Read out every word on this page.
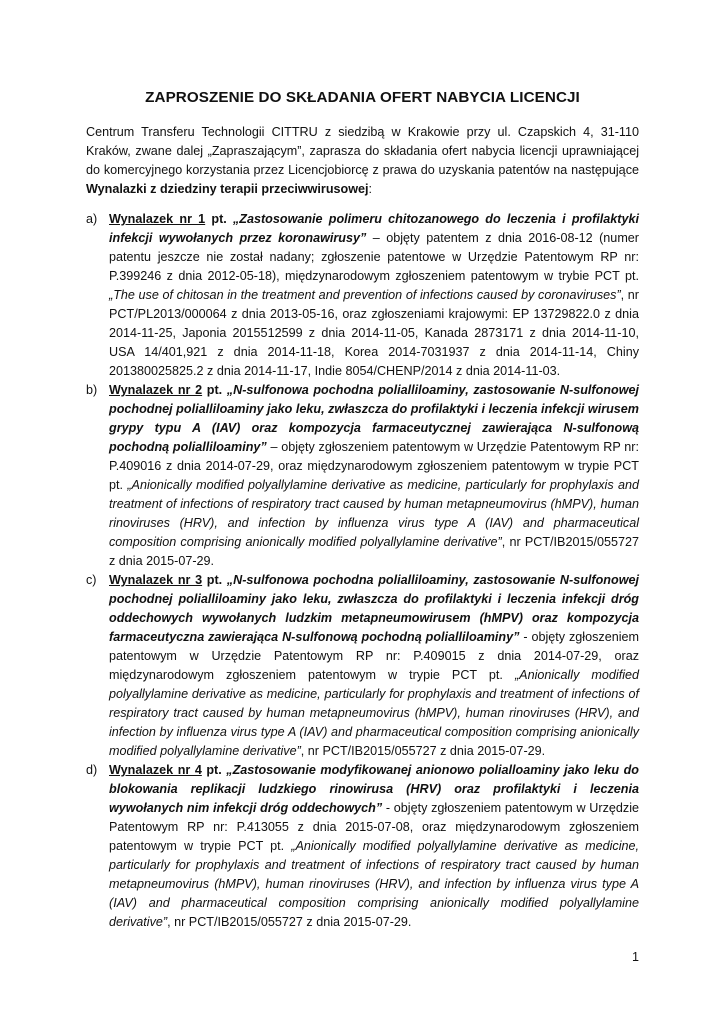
ZAPROSZENIE DO SKŁADANIA OFERT NABYCIA LICENCJI
Centrum Transferu Technologii CITTRU z siedzibą w Krakowie przy ul. Czapskich 4, 31-110 Kraków, zwane dalej „Zapraszającym”, zaprasza do składania ofert nabycia licencji uprawniającej do komercyjnego korzystania przez Licencjobiorcę z prawa do uzyskania patentów na następujące Wynalazki z dziedziny terapii przeciwwirusowej:
a) Wynalazek nr 1 pt. „Zastosowanie polimeru chitozanowego do leczenia i profilaktyki infekcji wywołanych przez koronawirusy” – objęty patentem z dnia 2016-08-12 (numer patentu jeszcze nie został nadany; zgłoszenie patentowe w Urzędzie Patentowym RP nr: P.399246 z dnia 2012-05-18), międzynarodowym zgłoszeniem patentowym w trybie PCT pt. „The use of chitosan in the treatment and prevention of infections caused by coronaviruses”, nr PCT/PL2013/000064 z dnia 2013-05-16, oraz zgłoszeniami krajowymi: EP 13729822.0 z dnia 2014-11-25, Japonia 2015512599 z dnia 2014-11-05, Kanada 2873171 z dnia 2014-11-10, USA 14/401,921 z dnia 2014-11-18, Korea 2014-7031937 z dnia 2014-11-14, Chiny 201380025825.2 z dnia 2014-11-17, Indie 8054/CHENP/2014 z dnia 2014-11-03.
b) Wynalazek nr 2 pt. „N-sulfonowa pochodna polialliloaminy, zastosowanie N-sulfonowej pochodnej polialliloaminy jako leku, zwłaszcza do profilaktyki i leczenia infekcji wirusem grypy typu A (IAV) oraz kompozycja farmaceutycznej zawierająca N-sulfonową pochodną polialliloaminy” – objęty zgłoszeniem patentowym w Urzędzie Patentowym RP nr: P.409016 z dnia 2014-07-29, oraz międzynarodowym zgłoszeniem patentowym w trypie PCT pt. „Anionically modified polyallylamine derivative as medicine, particularly for prophylaxis and treatment of infections of respiratory tract caused by human metapneumovirus (hMPV), human rinoviruses (HRV), and infection by influenza virus type A (IAV) and pharmaceutical composition comprising anionically modified polyallylamine derivative”, nr PCT/IB2015/055727 z dnia 2015-07-29.
c) Wynalazek nr 3 pt. „N-sulfonowa pochodna polialliloaminy, zastosowanie N-sulfonowej pochodnej polialliloaminy jako leku, zwłaszcza do profilaktyki i leczenia infekcji dróg oddechowych wywołanych ludzkim metapneumowirusem (hMPV) oraz kompozycja farmaceutyczna zawierająca N-sulfonową pochodną polialliloaminy” - objęty zgłoszeniem patentowym w Urzędzie Patentowym RP nr: P.409015 z dnia 2014-07-29, oraz międzynarodowym zgłoszeniem patentowym w trypie PCT pt. „Anionically modified polyallylamine derivative as medicine, particularly for prophylaxis and treatment of infections of respiratory tract caused by human metapneumovirus (hMPV), human rinoviruses (HRV), and infection by influenza virus type A (IAV) and pharmaceutical composition comprising anionically modified polyallylamine derivative”, nr PCT/IB2015/055727 z dnia 2015-07-29.
d) Wynalazek nr 4 pt. „Zastosowanie modyfikowanej anionowo polialloaminy jako leku do blokowania replikacji ludzkiego rinowirusa (HRV) oraz profilaktyki i leczenia wywołanych nim infekcji dróg oddechowych” - objęty zgłoszeniem patentowym w Urzędzie Patentowym RP nr: P.413055 z dnia 2015-07-08, oraz międzynarodowym zgłoszeniem patentowym w trypie PCT pt. „Anionically modified polyallylamine derivative as medicine, particularly for prophylaxis and treatment of infections of respiratory tract caused by human metapneumovirus (hMPV), human rinoviruses (HRV), and infection by influenza virus type A (IAV) and pharmaceutical composition comprising anionically modified polyallylamine derivative”, nr PCT/IB2015/055727 z dnia 2015-07-29.
1
